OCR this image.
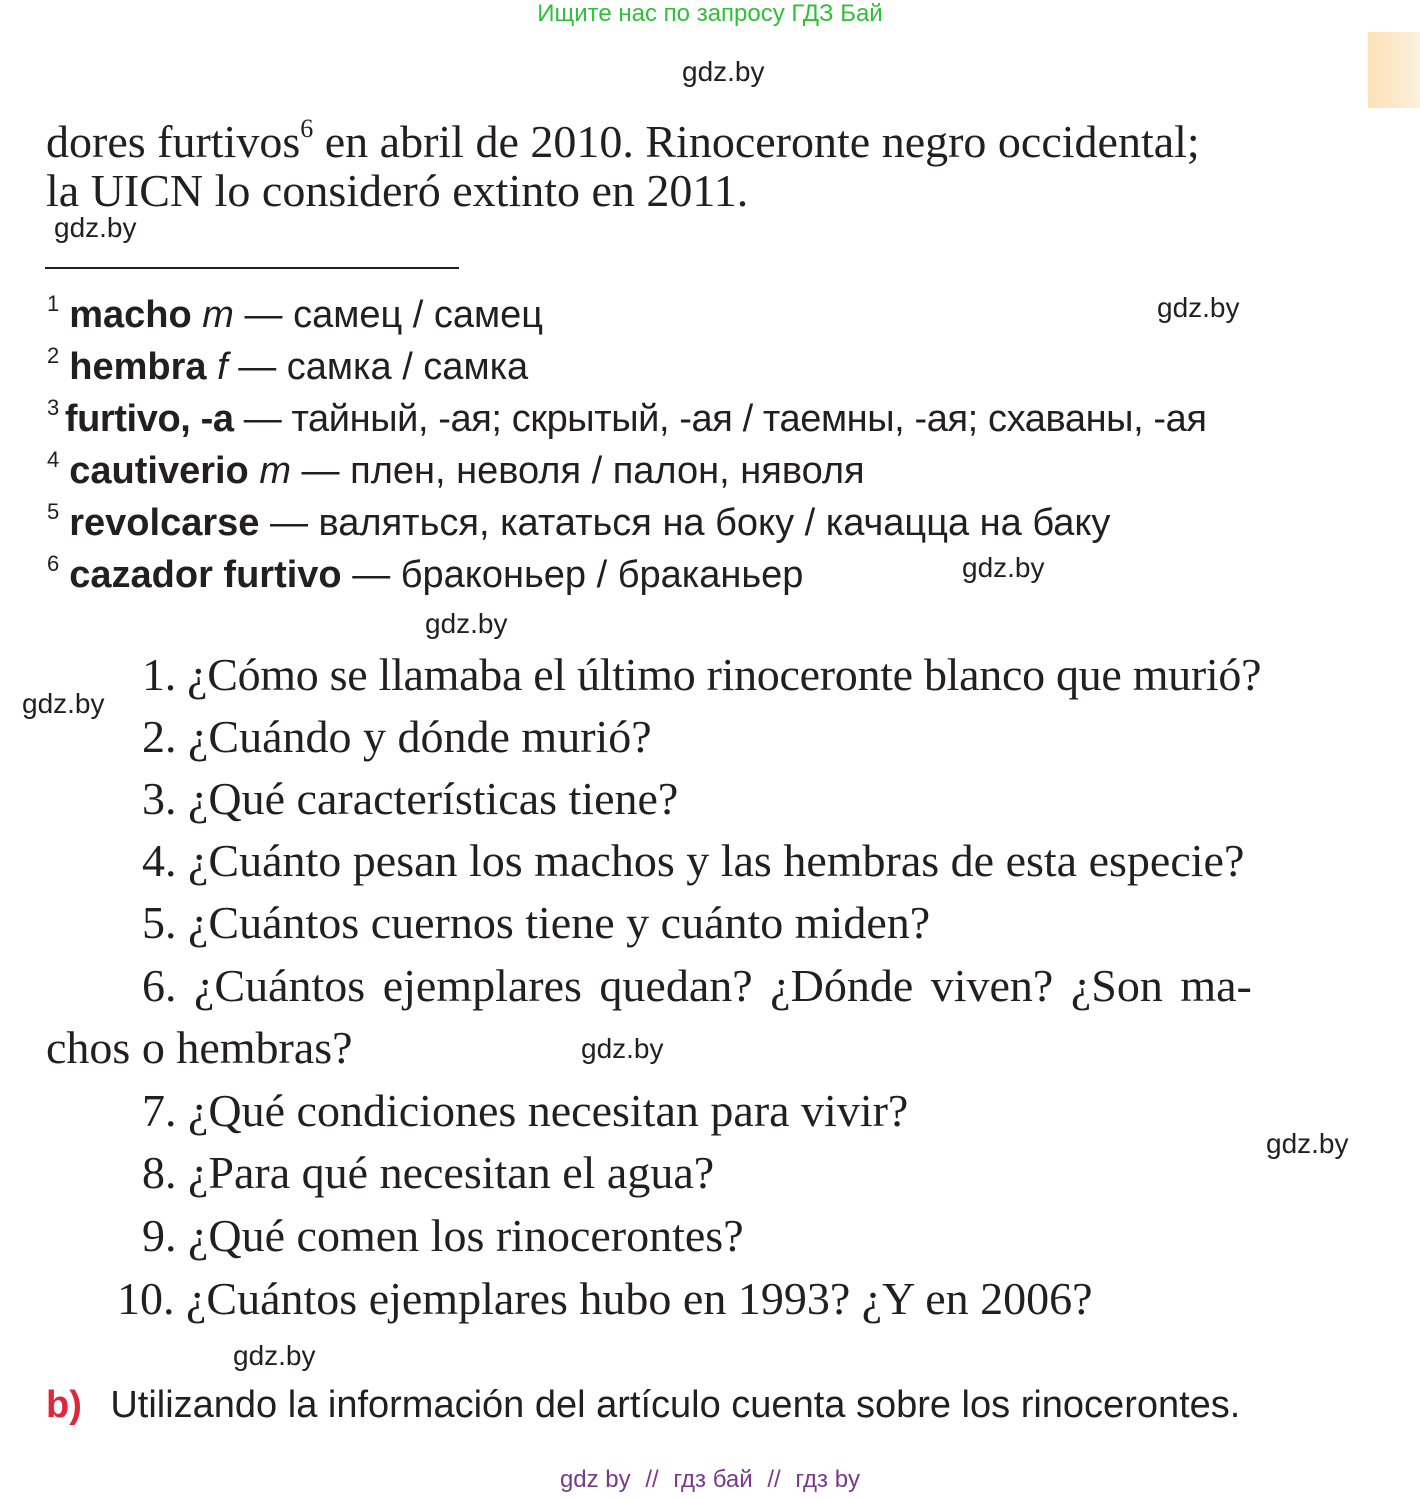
Ищите нас по запросу ГДЗ Бай
gdz.by
gdz.by
gdz.by
gdz.by
gdz.by
gdz.by
gdz.by
gdz.by
gdz.by
dores furtivos$^6$ en abril de 2010. Rinoceronte negro occidental;
la UICN lo consideró extinto en 2011.
$^1$ macho m — самец / самец
$^2$ hembra f — самка / самка
$^3$ furtivo, -a — тайный, -ая; скрытый, -ая / таемны, -ая; схаваны, -ая
$^4$ cautiverio m — плен, неволя / палон, няволя
$^5$ revolcarse — валяться, кататься на боку / качацца на баку
$^6$ cazador furtivo — браконьер / браканьер
1. ¿Cómo se llamaba el último rinoceronte blanco que murió?
2. ¿Cuándo y dónde murió?
3. ¿Qué características tiene?
4. ¿Cuánto pesan los machos y las hembras de esta especie?
5. ¿Cuántos cuernos tiene y cuánto miden?
6. ¿Cuántos ejemplares quedan? ¿Dónde viven? ¿Son ma-
chos o hembras?
7. ¿Qué condiciones necesitan para vivir?
8. ¿Para qué necesitan el agua?
9. ¿Qué comen los rinocerontes?
10. ¿Cuántos ejemplares hubo en 1993? ¿Y en 2006?
b) Utilizando la información del artículo cuenta sobre los rinocerontes.
gdz by // гдз бай // гдз by
